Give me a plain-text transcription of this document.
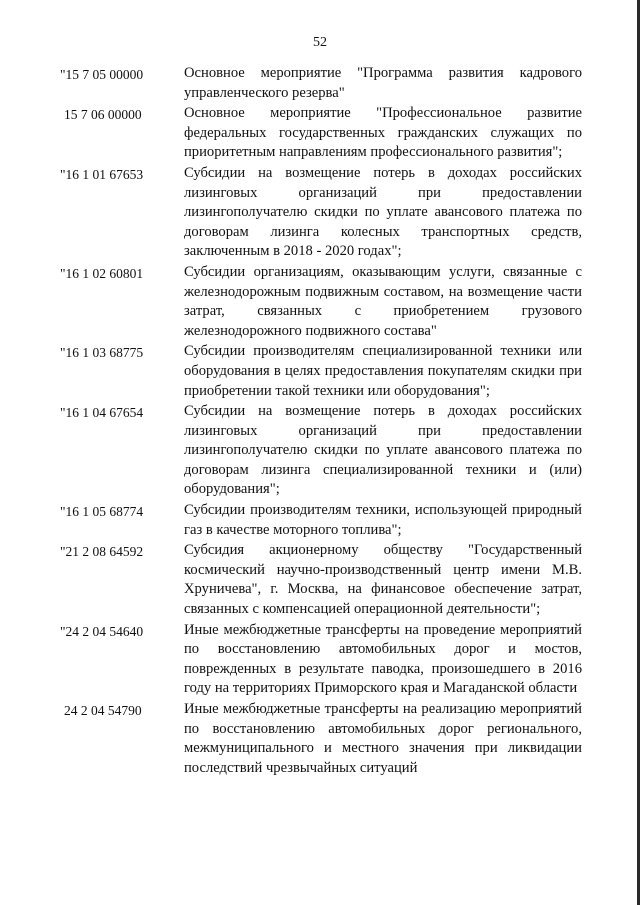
52
"15 7 05 00000	Основное мероприятие "Программа развития кадрового управленческого резерва"
15 7 06 00000	Основное мероприятие "Профессиональное развитие федеральных государственных гражданских служащих по приоритетным направлениям профессионального развития";
"16 1 01 67653	Субсидии на возмещение потерь в доходах российских лизинговых организаций при предоставлении лизингополучателю скидки по уплате авансового платежа по договорам лизинга колесных транспортных средств, заключенным в 2018 - 2020 годах";
"16 1 02 60801	Субсидии организациям, оказывающим услуги, связанные с железнодорожным подвижным составом, на возмещение части затрат, связанных с приобретением грузового железнодорожного подвижного состава"
"16 1 03 68775	Субсидии производителям специализированной техники или оборудования в целях предоставления покупателям скидки при приобретении такой техники или оборудования";
"16 1 04 67654	Субсидии на возмещение потерь в доходах российских лизинговых организаций при предоставлении лизингополучателю скидки по уплате авансового платежа по договорам лизинга специализированной техники и (или) оборудования";
"16 1 05 68774	Субсидии производителям техники, использующей природный газ в качестве моторного топлива";
"21 2 08 64592	Субсидия акционерному обществу "Государственный космический научно-производственный центр имени М.В. Хруничева", г. Москва, на финансовое обеспечение затрат, связанных с компенсацией операционной деятельности";
"24 2 04 54640	Иные межбюджетные трансферты на проведение мероприятий по восстановлению автомобильных дорог и мостов, поврежденных в результате паводка, произошедшего в 2016 году на территориях Приморского края и Магаданской области
24 2 04 54790	Иные межбюджетные трансферты на реализацию мероприятий по восстановлению автомобильных дорог регионального, межмуниципального и местного значения при ликвидации последствий чрезвычайных ситуаций
